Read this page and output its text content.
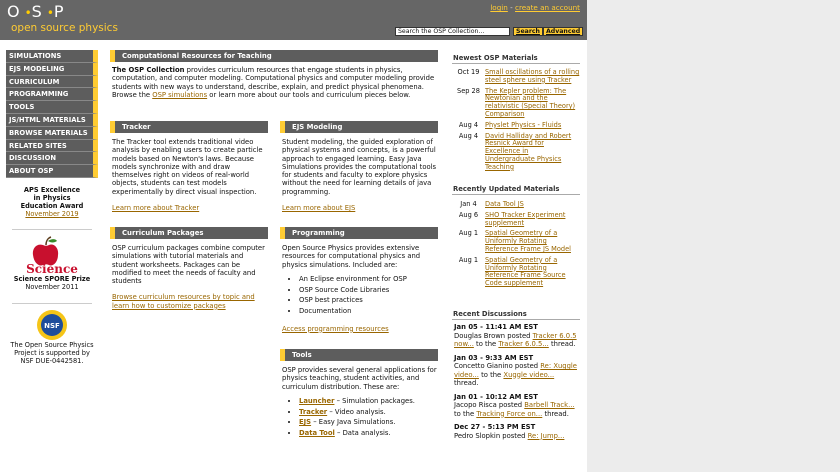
O•S•P
open source physics
login - create an account
Search the OSP Collection...	Search Advanced
SIMULATIONS
EJS MODELING
CURRICULUM
PROGRAMMING
TOOLS
JS/HTML MATERIALS
BROWSE MATERIALS
RELATED SITES
DISCUSSION
ABOUT OSP
APS Excellence in Physics Education Award
November 2019
Science
Science SPORE Prize
November 2011
NSF
The Open Source Physics Project is supported by NSF DUE-0442581.
Computational Resources for Teaching
The OSP Collection provides curriculum resources that engage students in physics, computation, and computer modeling. Computational physics and computer modeling provide students with new ways to understand, describe, explain, and predict physical phenomena. Browse the OSP simulations or learn more about our tools and curriculum pieces below.
Tracker
The Tracker tool extends traditional video analysis by enabling users to create particle models based on Newton's laws. Because models synchronize with and draw themselves right on videos of real-world objects, students can test models experimentally by direct visual inspection.
Learn more about Tracker
EJS Modeling
Student modeling, the guided exploration of physical systems and concepts, is a powerful approach to engaged learning. Easy Java Simulations provides the computational tools for students and faculty to explore physics without the need for learning details of java programming.
Learn more about EJS
Curriculum Packages
OSP curriculum packages combine computer simulations with tutorial materials and student worksheets. Packages can be modified to meet the needs of faculty and students
Browse curriculum resources by topic and learn how to customize packages
Programming
Open Source Physics provides extensive resources for computational physics and physics simulations. Included are:
• An Eclipse environment for OSP
• OSP Source Code Libraries
• OSP best practices
• Documentation
Access programming resources
Tools
OSP provides several general applications for physics teaching, student activities, and curriculum distribution. These are:
• Launcher – Simulation packages.
• Tracker – Video analysis.
• EJS – Easy Java Simulations.
• Data Tool – Data analysis.
Newest OSP Materials
Oct 19 Small oscillations of a rolling steel sphere using Tracker
Sep 28 The Kepler problem: The Newtonian and the relativistic (Special Theory) Comparison
Aug 4	Physlet Physics - Fluids
Aug 4	David Halliday and Robert Resnick Award for Excellence in Undergraduate Physics Teaching
Recently Updated Materials
Jan 4	Data Tool JS
Aug 6	SHO Tracker Experiment supplement
Aug 1	Spatial Geometry of a Uniformly Rotating Reference Frame JS Model
Aug 1	Spatial Geometry of a Uniformly Rotating Reference Frame Source Code supplement
Recent Discussions
Jan 05 - 11:41 AM EST
Douglas Brown posted Tracker 6.0.5 now... to the Tracker 6.0.5... thread.
Jan 03 - 9:33 AM EST
Concetto Gianino posted Re: Xuggle video... to the Xuggle video... thread.
Jan 01 - 10:12 AM EST
Jacopo Risca posted Barbell Track... to the Tracking Force on... thread.
Dec 27 - 5:13 PM EST
Pedro Slopkin posted Re: Jump...
